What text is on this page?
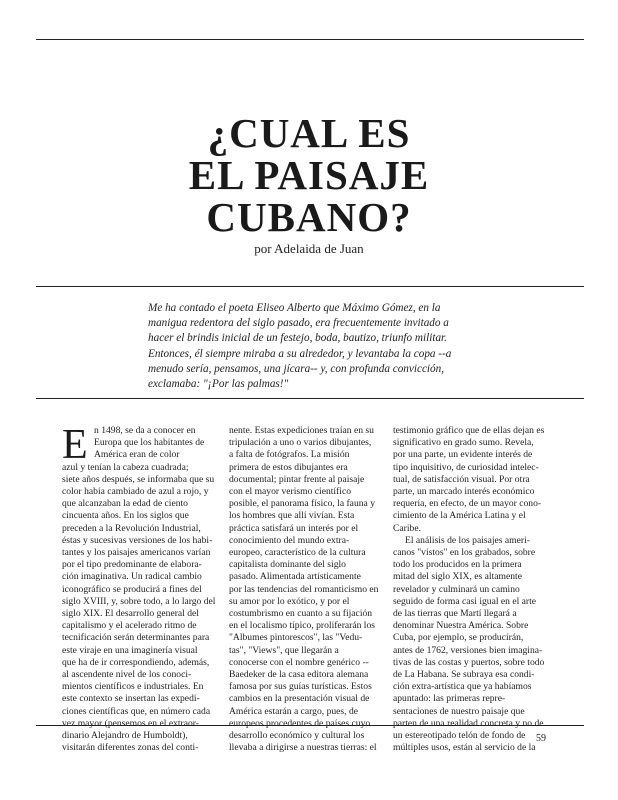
¿CUAL ES
EL PAISAJE
CUBANO?
por Adelaida de Juan
Me ha contado el poeta Eliseo Alberto que Máximo Gómez, en la
manigua redentora del siglo pasado, era frecuentemente invitado a
hacer el brindis inicial de un festejo, boda, bautizo, triunfo militar.
Entonces, él siempre miraba a su alrededor, y levantaba la copa --a
menudo sería, pensamos, una jícara-- y, con profunda convicción,
exclamaba: "¡Por las palmas!"
E n 1498, se da a conocer en
Europa que los habitantes de
América eran de color
azul y tenían la cabeza cuadrada;
siete años después, se informaba que su
color había cambiado de azul a rojo, y
que alcanzaban la edad de ciento
cincuenta años. En los siglos que
preceden a la Revolución Industrial,
éstas y sucesivas versiones de los habi-
tantes y los paisajes americanos varían
por el tipo predominante de elabora-
ción imaginativa. Un radical cambio
iconográfico se producirá a fines del
siglo XVIII, y, sobre todo, a lo largo del
siglo XIX. El desarrollo general del
capitalismo y el acelerado ritmo de
tecnificación serán determinantes para
este viraje en una imaginería visual
que ha de ir correspondiendo, además,
al ascendente nivel de los conoci-
mientos científicos e industriales. En
este contexto se insertan las expedi-
ciones científicas que, en número cada
vez mayor (pensemos en el extraor-
dinario Alejandro de Humboldt),
visitarán diferentes zonas del conti-
nente. Estas expediciones traían en su
tripulación a uno o varios dibujantes,
a falta de fotógrafos. La misión
primera de estos dibujantes era
documental; pintar frente al paisaje
con el mayor verismo científico
posible, el panorama físico, la fauna y
los hombres que allí vivían. Esta
práctica satisfará un interés por el
conocimiento del mundo extra-
europeo, característico de la cultura
capitalista dominante del siglo
pasado. Alimentada artísticamente
por las tendencias del romanticismo en
su amor por lo exótico, y por el
costumbrismo en cuanto a su fijación
en el localismo típico, proliferarán los
"Albumes pintorescos", las "Vedu-
tas", "Views", que llegarán a
conocerse con el nombre genérico --
Baedeker de la casa editora alemana
famosa por sus guías turísticas. Estos
cambios en la presentación visual de
América estarán a cargo, pues, de
europeos procedentes de países cuyo
desarrollo económico y cultural los
llevaba a dirigirse a nuestras tierras: el
testimonio gráfico que de ellas dejan es
significativo en grado sumo. Revela,
por una parte, un evidente interés de
tipo inquisitivo, de curiosidad intelec-
tual, de satisfacción visual. Por otra
parte, un marcado interés económico
requería, en efecto, de un mayor cono-
cimiento de la América Latina y el
Caribe.
El análisis de los paisajes ameri-
canos "vistos" en los grabados, sobre
todo los producidos en la primera
mitad del siglo XIX, es altamente
revelador y culminará un camino
seguido de forma casi igual en el arte
de las tierras que Martí llegará a
denominar Nuestra América. Sobre
Cuba, por ejemplo, se producirán,
antes de 1762, versiones bien imagina-
tivas de las costas y puertos, sobre todo
de La Habana. Se subraya esa condi-
ción extra-artística que ya habíamos
apuntado: las primeras repre-
sentaciones de nuestro paisaje que
parten de una realidad concreta y no de
un estereotipado telón de fondo de
múltiples usos, están al servicio de la
59
